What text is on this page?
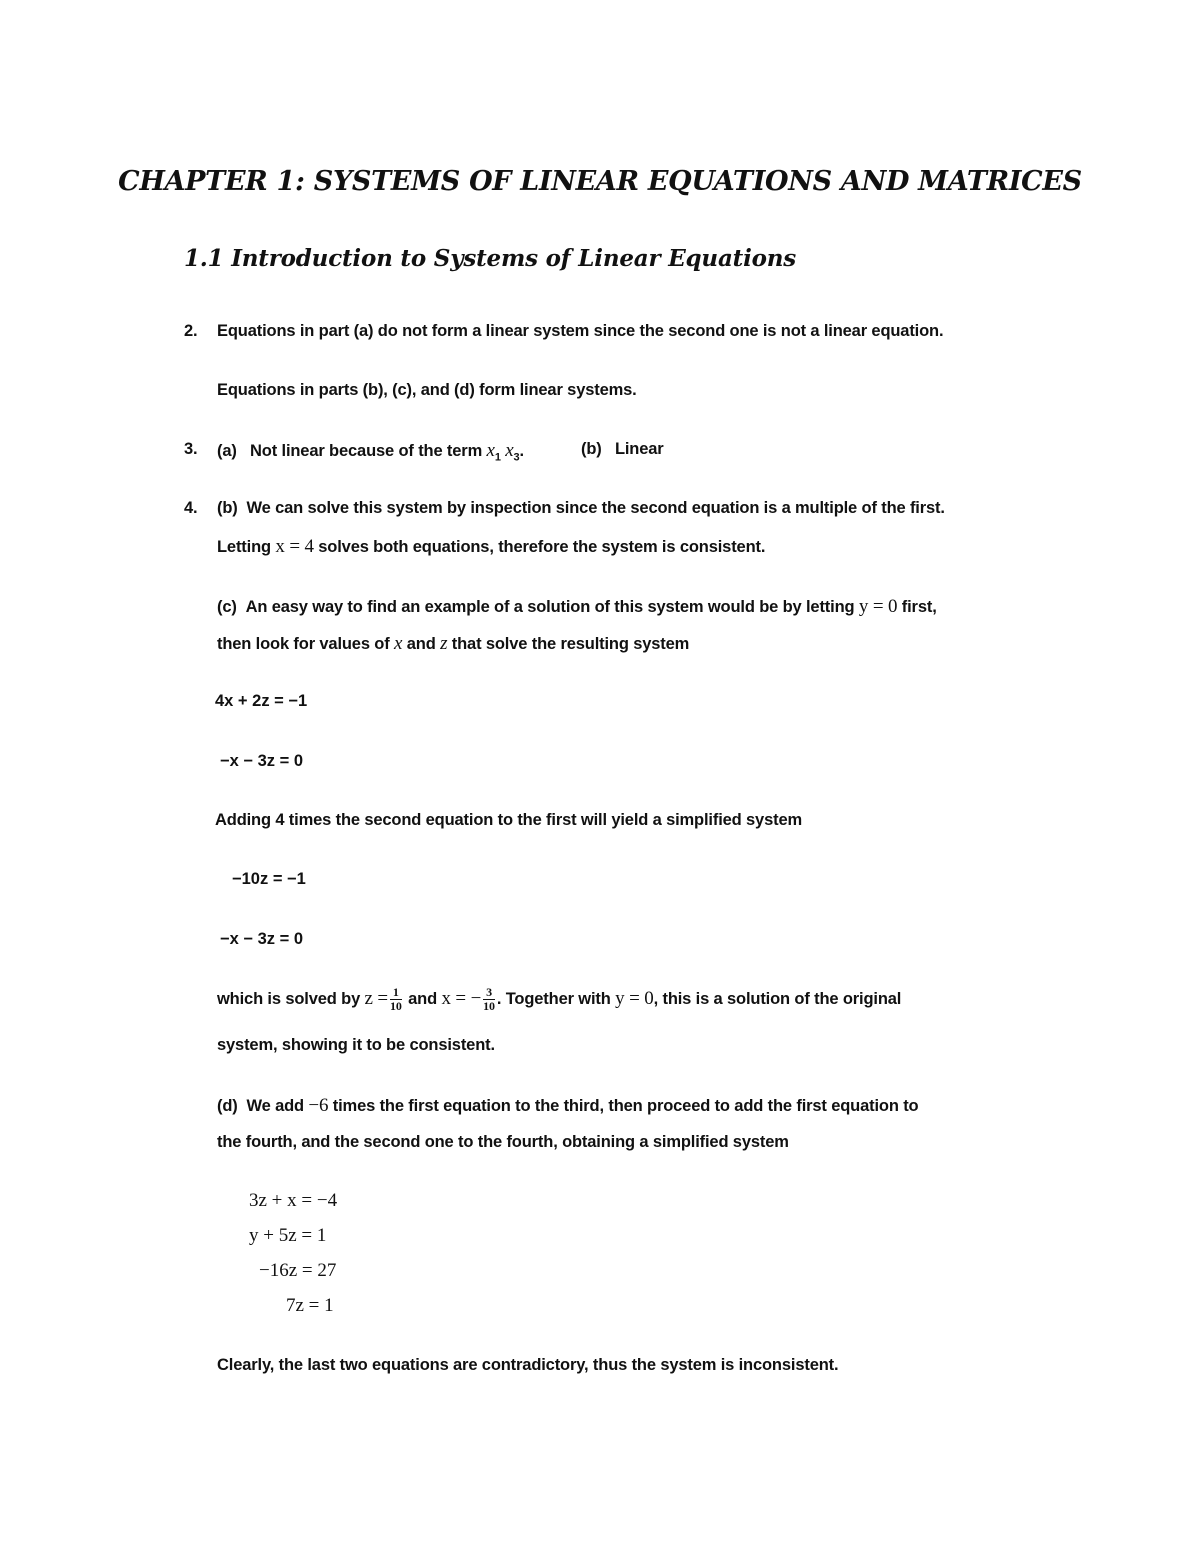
CHAPTER 1: SYSTEMS OF LINEAR EQUATIONS AND MATRICES
1.1 Introduction to Systems of Linear Equations
2. Equations in part (a) do not form a linear system since the second one is not a linear equation.
Equations in parts (b), (c), and (d) form linear systems.
3. (a) Not linear because of the term $x_1$ $x_3$.	(b) Linear
4. (b) We can solve this system by inspection since the second equation is a multiple of the first.
Letting x = 4 solves both equations, therefore the system is consistent.
(c) An easy way to find an example of a solution of this system would be by letting y = 0 first,
then look for values of x and z that solve the resulting system
4x + 2z = −1
−x − 3z = 0
Adding 4 times the second equation to the first will yield a simplified system
−10z = −1
−x − 3z = 0
which is solved by $z = \frac{1}{10}$ and x = − $\frac{3}{10}$ . Together with y = 0, this is a solution of the original
system, showing it to be consistent.
(d) We add −6 times the first equation to the third, then proceed to add the first equation to
the fourth, and the second one to the fourth, obtaining a simplified system
3z + x = −4
y + 5z = 1
−16z = 27
7z = 1
Clearly, the last two equations are contradictory, thus the system is inconsistent.
